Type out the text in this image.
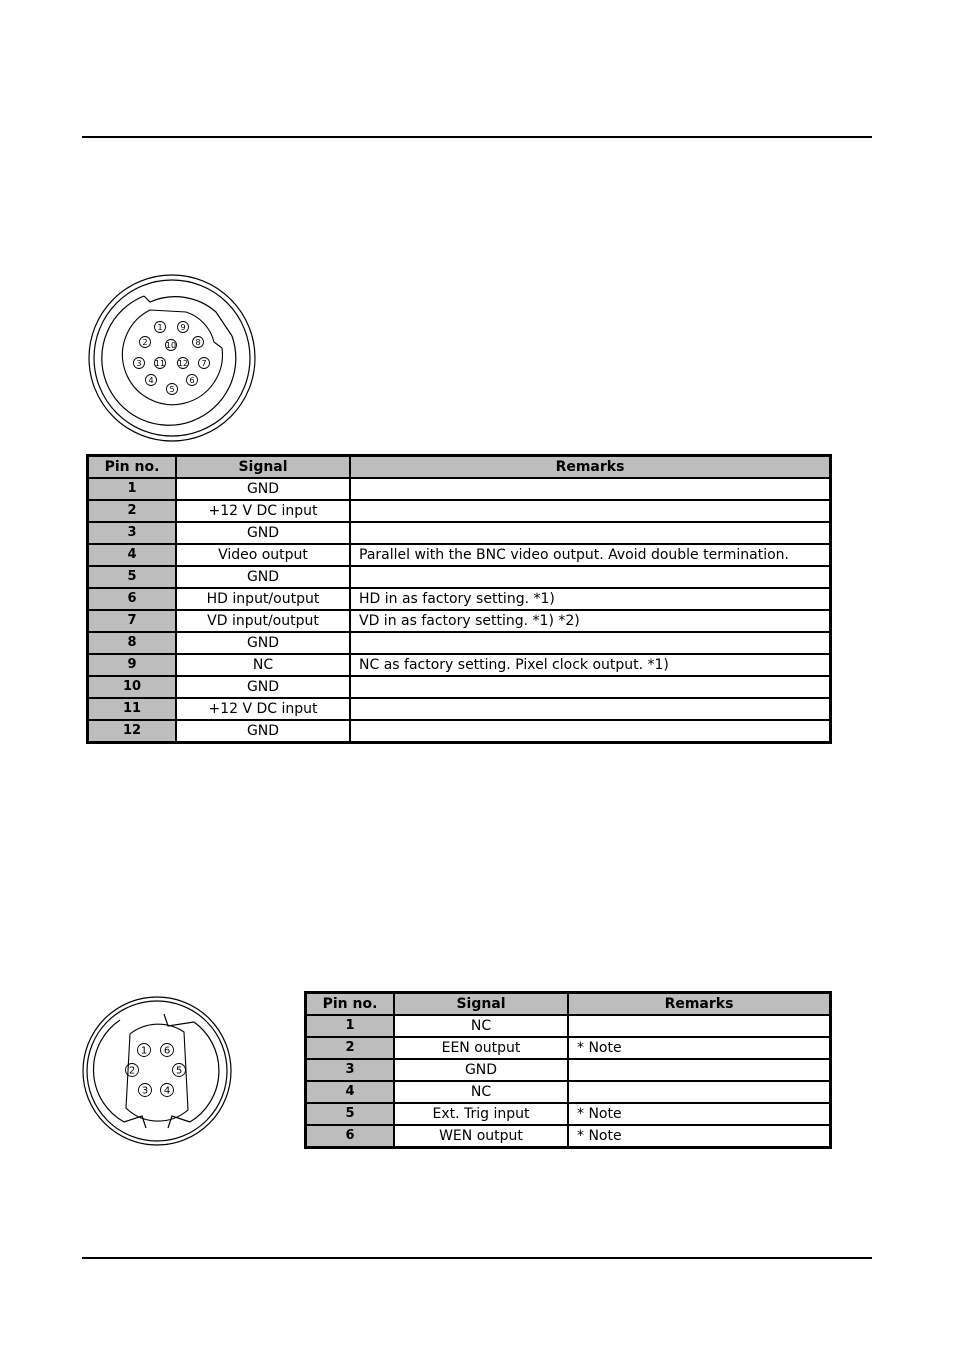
1
2
3
4
5
6
7
8
9
10
11 12
Pin no.	Signal	Remarks
1	GND	
2	+12 V DC input	
3	GND	
4	Video output	Parallel with the BNC video output. Avoid double termination.
5	GND	
6	HD input/output	HD in as factory setting. *1)
7	VD input/output	VD in as factory setting. *1) *2)
8	GND	
9	NC	NC as factory setting. Pixel clock output. *1)
10	GND	
11	+12 V DC input	
12	GND	
1
2
3 4
5
6
Pin no.	Signal	Remarks
1	NC	
2	EEN output	* Note
3	GND	
4	NC	
5	Ext. Trig input	* Note
6	WEN output	* Note
